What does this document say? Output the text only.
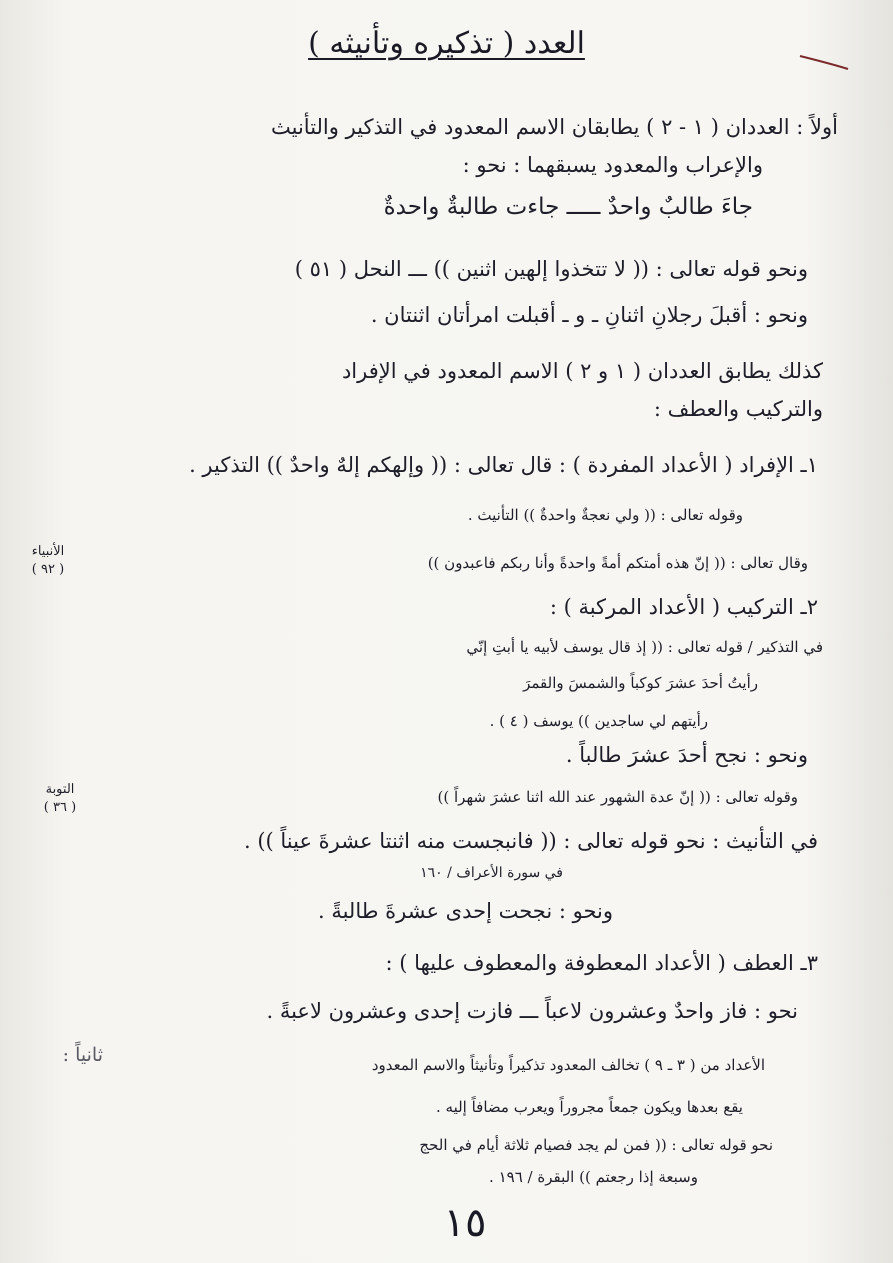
العدد ( تذكيره وتأنيثه )
أولاً : العددان ( ١ - ٢ ) يطابقان الاسم المعدود في التذكير والتأنيث
والإعراب والمعدود يسبقهما : نحو :
جاءَ طالبٌ واحدٌ ـــــ جاءت طالبةٌ واحدةٌ
ونحو قوله تعالى : (( لا تتخذوا إلهين اثنين )) ـــ النحل ( ٥١ )
ونحو : أقبلَ رجلانِ اثنانِ ـ و ـ أقبلت امرأتان اثنتان .
كذلك يطابق العددان ( ١ و ٢ ) الاسم المعدود في الإفراد
والتركيب والعطف :
١ـ الإفراد ( الأعداد المفردة ) : قال تعالى : (( وإلهكم إلهٌ واحدٌ )) التذكير .
وقوله تعالى : (( ولي نعجةٌ واحدةٌ )) التأنيث .
وقال تعالى : (( إنّ هذه أمتكم أمةً واحدةً وأنا ربكم فاعبدون ))
الأنبياء
( ٩٢ )
٢ـ التركيب ( الأعداد المركبة ) :
في التذكير / قوله تعالى : (( إذ قال يوسف لأبيه يا أبتِ إنّي
رأيتُ أحدَ عشرَ كوكباً والشمسَ والقمرَ
رأيتهم لي ساجدين )) يوسف ( ٤ ) .
ونحو : نجح أحدَ عشرَ طالباً .
وقوله تعالى : (( إنّ عدة الشهور عند الله اثنا عشرَ شهراً ))
التوبة
( ٣٦ )
في التأنيث : نحو قوله تعالى : (( فانبجست منه اثنتا عشرةَ عيناً )) .
في سورة الأعراف / ١٦٠
ونحو : نجحت إحدى عشرةَ طالبةً .
٣ـ العطف ( الأعداد المعطوفة والمعطوف عليها ) :
نحو : فاز واحدٌ وعشرون لاعباً ـــ فازت إحدى وعشرون لاعبةً .
ثانياً :	الأعداد من ( ٣ ـ ٩ ) تخالف المعدود تذكيراً وتأنيثاً والاسم المعدود
يقع بعدها ويكون جمعاً مجروراً ويعرب مضافاً إليه .
نحو قوله تعالى : (( فمن لم يجد فصيام ثلاثة أيام في الحج
وسبعة إذا رجعتم )) البقرة / ١٩٦ .
١٥
